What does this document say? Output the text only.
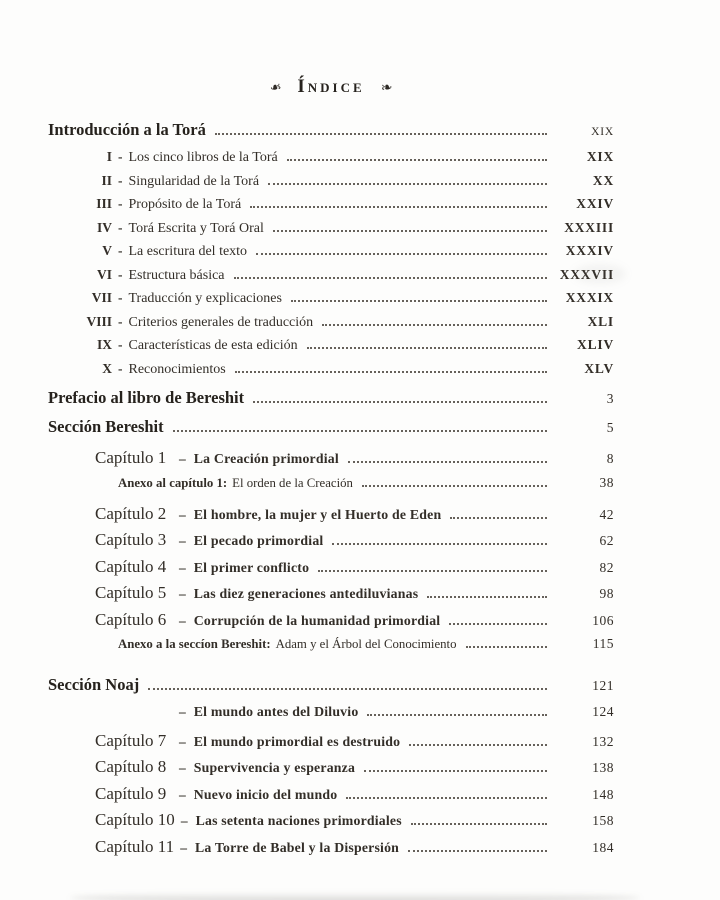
❧ Índice ❧
Introducción a la Torá	XIX
I - Los cinco libros de la Torá	XIX
II - Singularidad de la Torá	XX
III - Propósito de la Torá	XXIV
IV - Torá Escrita y Torá Oral	XXXIII
V - La escritura del texto	XXXIV
VI - Estructura básica	XXXVII
VII - Traducción y explicaciones	XXXIX
VIII - Criterios generales de traducción	XLI
IX - Características de esta edición	XLIV
X - Reconocimientos	XLV
Prefacio al libro de Bereshit	3
Sección Bereshit	5
Capítulo 1 – La Creación primordial	8
Anexo al capítulo 1: El orden de la Creación	38
Capítulo 2 – El hombre, la mujer y el Huerto de Eden	42
Capítulo 3 – El pecado primordial	62
Capítulo 4 – El primer conflicto	82
Capítulo 5 – Las diez generaciones antediluvianas	98
Capítulo 6 – Corrupción de la humanidad primordial	106
Anexo a la seccíon Bereshit: Adam y el Árbol del Conocimiento	115
Sección Noaj	121
– El mundo antes del Diluvio	124
Capítulo 7 – El mundo primordial es destruido	132
Capítulo 8 – Supervivencia y esperanza	138
Capítulo 9 – Nuevo inicio del mundo	148
Capítulo 10 – Las setenta naciones primordiales	158
Capítulo 11 – La Torre de Babel y la Dispersión	184
